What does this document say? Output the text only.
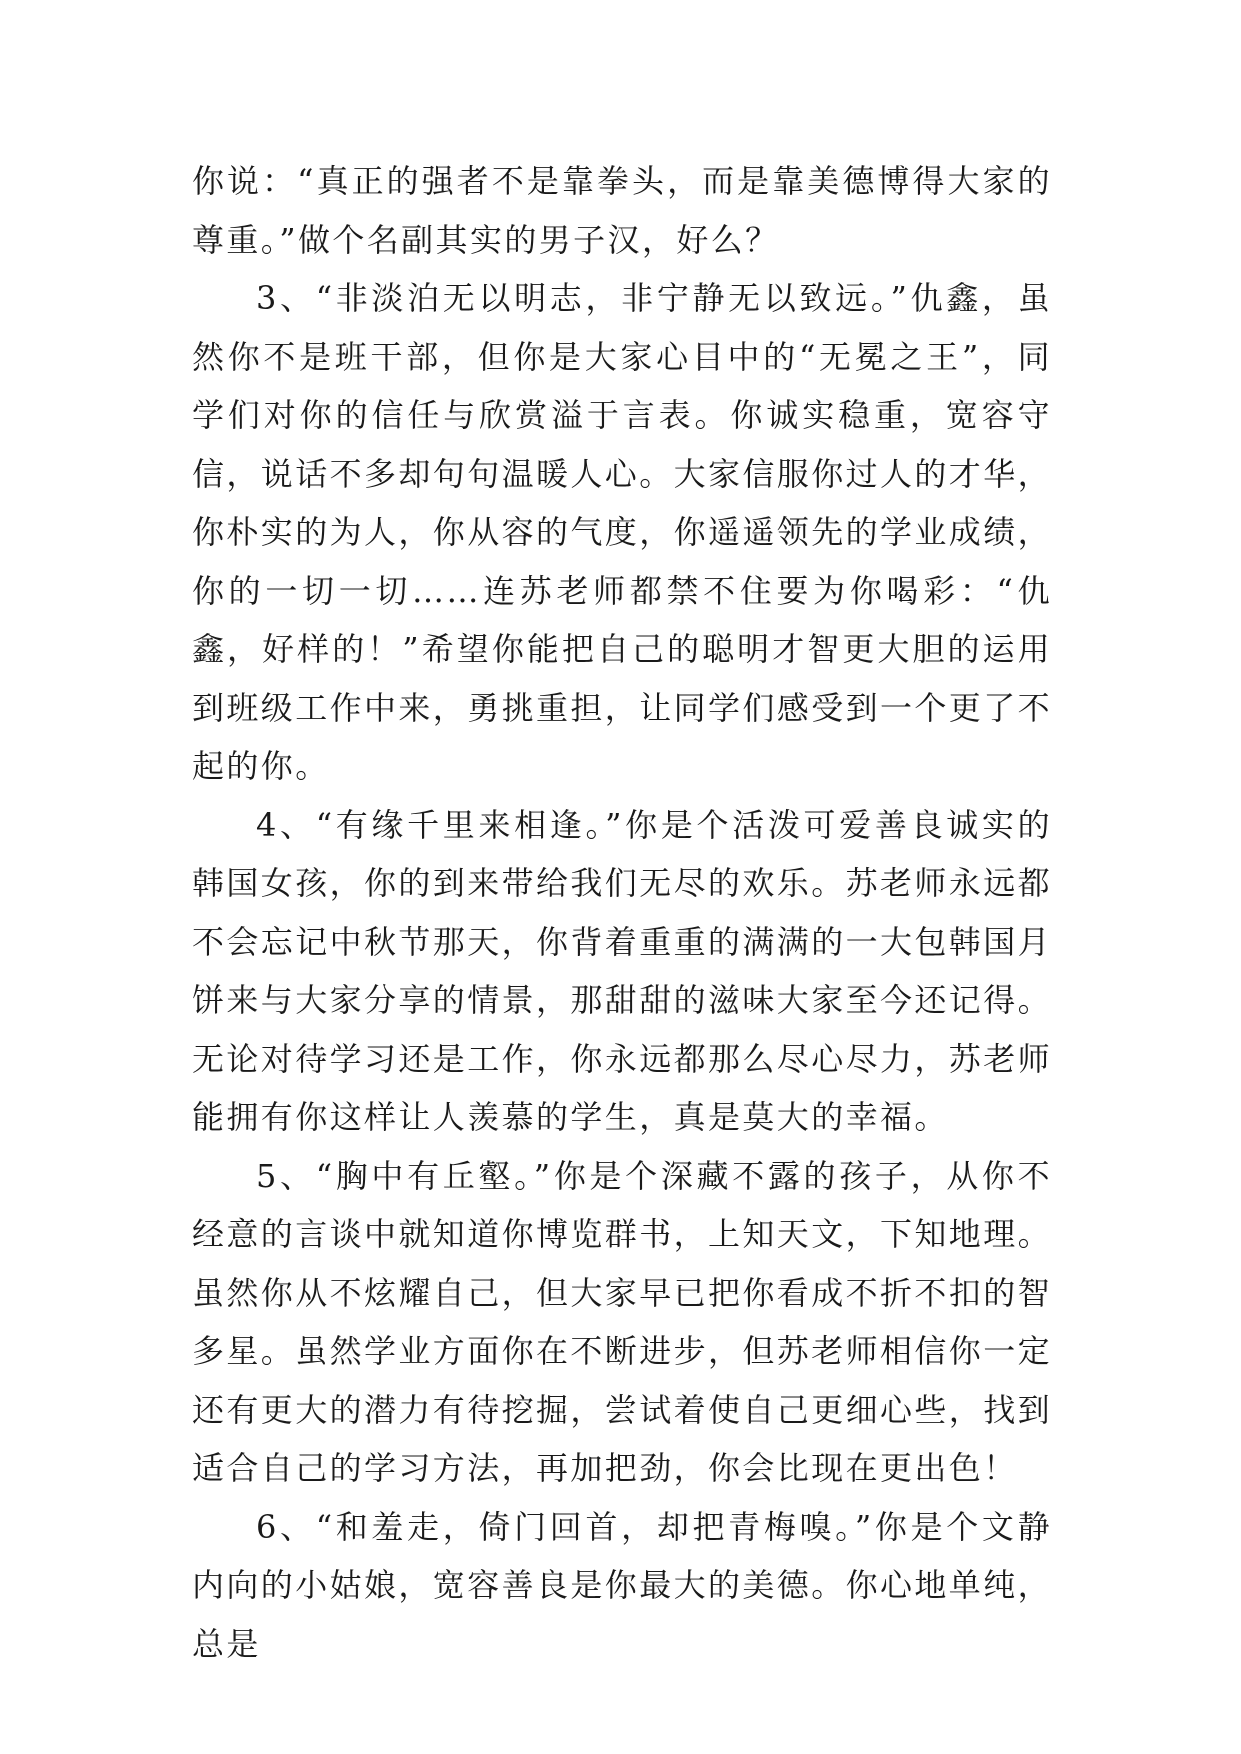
你说：“真正的强者不是靠拳头，而是靠美德博得大家的尊重。”做个名副其实的男子汉，好么？

3、“非淡泊无以明志，非宁静无以致远。”仇鑫，虽然你不是班干部，但你是大家心目中的“无冕之王”，同学们对你的信任与欣赏溢于言表。你诚实稳重，宽容守信，说话不多却句句温暖人心。大家信服你过人的才华，你朴实的为人，你从容的气度，你遥遥领先的学业成绩，你的一切一切……连苏老师都禁不住要为你喝彩：“仇鑫，好样的！”希望你能把自己的聪明才智更大胆的运用到班级工作中来，勇挑重担，让同学们感受到一个更了不起的你。

4、“有缘千里来相逢。”你是个活泼可爱善良诚实的韩国女孩，你的到来带给我们无尽的欢乐。苏老师永远都不会忘记中秋节那天，你背着重重的满满的一大包韩国月饼来与大家分享的情景，那甜甜的滋味大家至今还记得。无论对待学习还是工作，你永远都那么尽心尽力，苏老师能拥有你这样让人羡慕的学生，真是莫大的幸福。

5、“胸中有丘壑。”你是个深藏不露的孩子，从你不经意的言谈中就知道你博览群书，上知天文，下知地理。虽然你从不炫耀自己，但大家早已把你看成不折不扣的智多星。虽然学业方面你在不断进步，但苏老师相信你一定还有更大的潜力有待挖掘，尝试着使自己更细心些，找到适合自己的学习方法，再加把劲，你会比现在更出色！

6、“和羞走，倚门回首，却把青梅嗅。”你是个文静内向的小姑娘，宽容善良是你最大的美德。你心地单纯，总是
